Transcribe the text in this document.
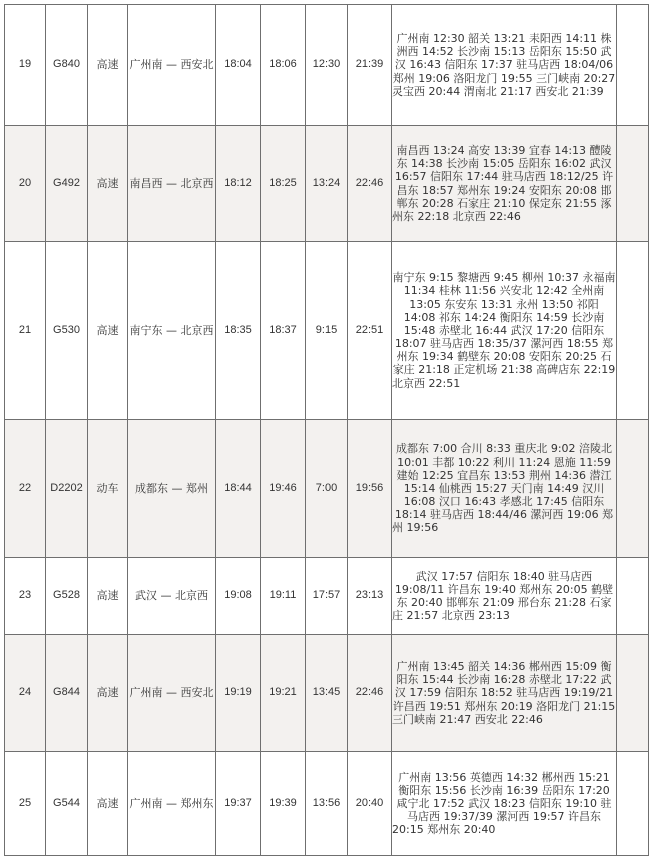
19	G840	高速	广州南 — 西安北	18:04	18:06	12:30	21:39	广州南 12:30 韶关 13:21 耒阳西 14:11 株洲西 14:52 长沙南 15:13 岳阳东 15:50 武汉 16:43 信阳东 17:37 驻马店西 18:04/06 郑州 19:06 洛阳龙门 19:55 三门峡南 20:27 灵宝西 20:44 渭南北 21:17 西安北 21:39	
20	G492	高速	南昌西 — 北京西	18:12	18:25	13:24	22:46	南昌西 13:24 高安 13:39 宜春 14:13 醴陵东 14:38 长沙南 15:05 岳阳东 16:02 武汉 16:57 信阳东 17:44 驻马店西 18:12/25 许昌东 18:57 郑州东 19:24 安阳东 20:08 邯郸东 20:28 石家庄 21:10 保定东 21:55 涿州东 22:18 北京西 22:46	
21	G530	高速	南宁东 — 北京西	18:35	18:37	9:15	22:51	南宁东 9:15 黎塘西 9:45 柳州 10:37 永福南 11:34 桂林 11:56 兴安北 12:42 全州南 13:05 东安东 13:31 永州 13:50 祁阳 14:08 祁东 14:24 衡阳东 14:59 长沙南 15:48 赤壁北 16:44 武汉 17:20 信阳东 18:07 驻马店西 18:35/37 漯河西 18:55 郑州东 19:34 鹤壁东 20:08 安阳东 20:25 石家庄 21:18 正定机场 21:38 高碑店东 22:19 北京西 22:51	
22	D2202	动车	成都东 — 郑州	18:44	19:46	7:00	19:56	成都东 7:00 合川 8:33 重庆北 9:02 涪陵北 10:01 丰都 10:22 利川 11:24 恩施 11:59 建始 12:25 宜昌东 13:53 荆州 14:36 潜江 15:14 仙桃西 15:27 天门南 14:49 汉川 16:08 汉口 16:43 孝感北 17:45 信阳东 18:14 驻马店西 18:44/46 漯河西 19:06 郑州 19:56	
23	G528	高速	武汉 — 北京西	19:08	19:11	17:57	23:13	武汉 17:57 信阳东 18:40 驻马店西 19:08/11 许昌东 19:40 郑州东 20:05 鹤壁东 20:40 邯郸东 21:09 邢台东 21:28 石家庄 21:57 北京西 23:13	
24	G844	高速	广州南 — 西安北	19:19	19:21	13:45	22:46	广州南 13:45 韶关 14:36 郴州西 15:09 衡阳东 15:44 长沙南 16:28 赤壁北 17:22 武汉 17:59 信阳东 18:52 驻马店西 19:19/21 许昌西 19:51 郑州东 20:19 洛阳龙门 21:15 三门峡南 21:47 西安北 22:46	
25	G544	高速	广州南 — 郑州东	19:37	19:39	13:56	20:40	广州南 13:56 英德西 14:32 郴州西 15:21 衡阳东 15:56 长沙南 16:39 岳阳东 17:20 咸宁北 17:52 武汉 18:23 信阳东 19:10 驻马店西 19:37/39 漯河西 19:57 许昌东 20:15 郑州东 20:40	
